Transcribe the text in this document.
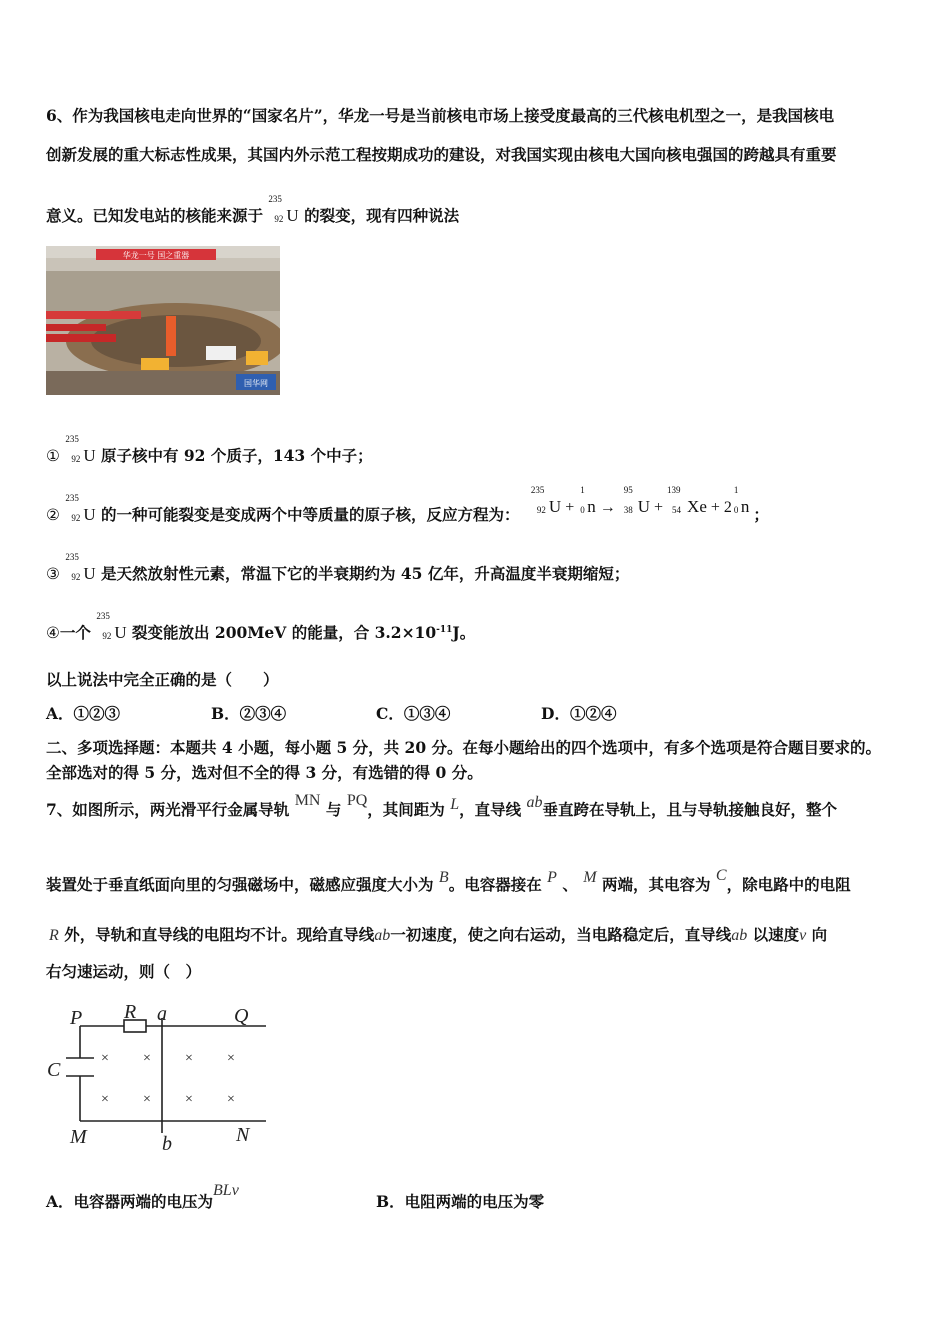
6、作为我国核电走向世界的“国家名片”，华龙一号是当前核电市场上接受度最高的三代核电机型之一，是我国核电
创新发展的重大标志性成果，其国内外示范工程按期成功的建设，对我国实现由核电大国向核电强国的跨越具有重要
意义。已知发电站的核能来源于
235
92 U 的裂变，现有四种说法
华龙一号 国之重器
国华网
①
235
92 U 原子核中有 92 个质子，143 个中子；
②
235
92 U 的一种可能裂变是变成两个中等质量的原子核，反应方程为：
235
92 U +
1
0 n →
95
38 U +
139
54 Xe + 2
1
0 n ；
③
235
92 U 是天然放射性元素，常温下它的半衰期约为 45 亿年，升高温度半衰期缩短；
④一个
235
92 U 裂变能放出 200MeV 的能量，合 $3.2\times 10^{-11}J$。
以上说法中完全正确的是（　　）
A．①②③	B．②③④	C．①③④	D．①②④
二、多项选择题：本题共 4 小题，每小题 5 分，共 20 分。在每小题给出的四个选项中，有多个选项是符合题目要求的。
全部选对的得 5 分，选对但不全的得 3 分，有选错的得 0 分。
7、如图所示，两光滑平行金属导轨 MN 与 PQ，其间距为 L，直导线 ab垂直跨在导轨上，且与导轨接触良好，整个
装置处于垂直纸面向里的匀强磁场中，磁感应强度大小为 B。电容器接在 P 、 M 两端，其电容为 C，除电路中的电阻
R 外，导轨和直导线的电阻均不计。现给直导线ab一初速度，使之向右运动，当电路稳定后，直导线ab 以速度v 向
右匀速运动，则（　）
P	Q
R a
C
M	N
b
× × × ×
× × × ×
A．电容器两端的电压为BLvB．电阻两端的电压为零
